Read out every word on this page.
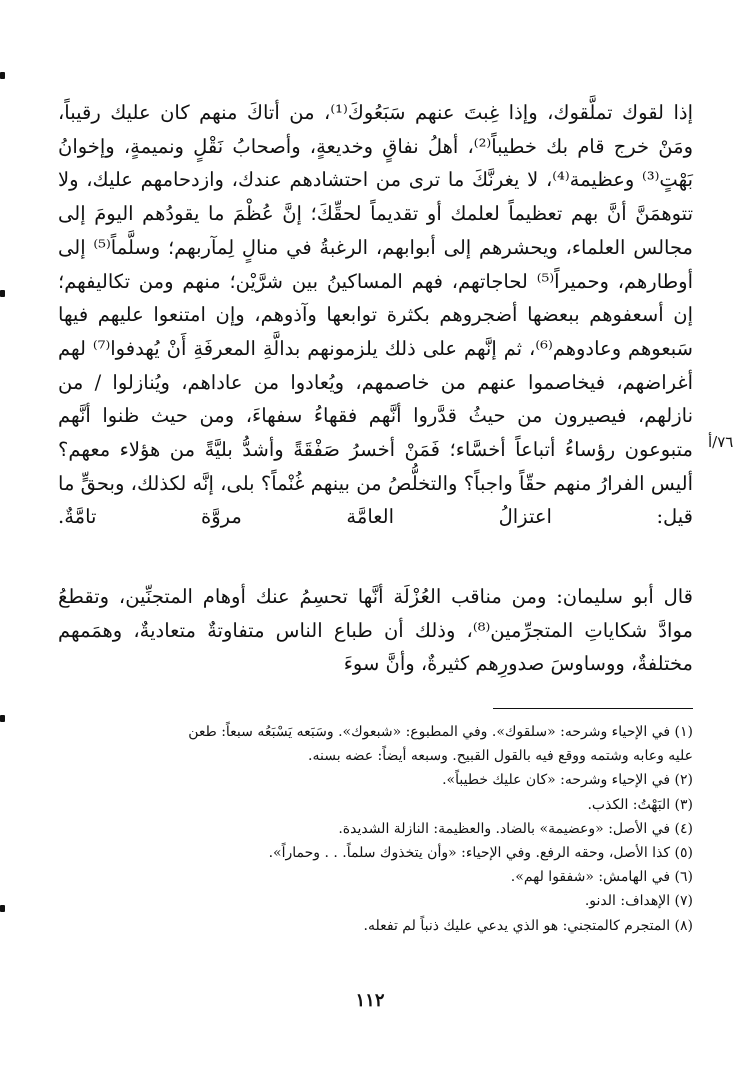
إذا لقوك تملَّقوك، وإذا غِبتَ عنهم سَبَعُوكَ⁽¹⁾، من أتاكَ منهم كان عليك رقيباً، ومَنْ خرج قام بك خطيباً⁽²⁾، أهلُ نفاقٍ وخديعةٍ، وأصحابُ نَقْلٍ ونميمةٍ، وإخوانُ بَهْتٍ⁽³⁾ وعظيمة⁽⁴⁾، لا يغرنَّكَ ما ترى من احتشادهم عندك، وازدحامهم عليك، ولا تتوهمَنَّ أنَّ بهم تعظيماً لعلمك أو تقديماً لحقِّكَ؛ إنَّ عُظْمَ ما يقودُهم اليومَ إلى مجالس العلماء، ويحشرهم إلى أبوابهم، الرغبةُ في منالٍ لِمآربهم؛ وسلَّماً⁽⁵⁾ إلى أوطارهم، وحميراً⁽⁵⁾ لحاجاتهم، فهم المساكينُ بين شرَّيْن؛ منهم ومن تكاليفهم؛ إن أسعفوهم ببعضها أضجروهم بكثرة توابعها وآذوهم، وإن امتنعوا عليهم فيها سَبعوهم وعادوهم⁽⁶⁾، ثم إنَّهم على ذلك يلزمونهم بدالَّةِ المعرفَةِ أَنْ يُهدفوا⁽⁷⁾ لهم أغراضهم، فيخاصموا عنهم من خاصمهم، ويُعادوا من عاداهم، ويُنازلوا / من نازلهم، فيصيرون من حيثُ قدَّروا أنَّهم فقهاءُ سفهاءَ، ومن حيث ظنوا أنَّهم متبوعون رؤساءُ أتباعاً أخسَّاء؛ فَمَنْ أخسرُ صَفْقَةً وأشدُّ بليَّةً من هؤلاء معهم؟ أليس الفرارُ منهم حقّاً واجباً؟ والتخلُّصُ من بينهم غُنْماً؟ بلى، إنَّه لكذلك، وبحقٍّ ما قيل: اعتزالُ العامَّة مروَّة تامَّةٌ.

٧٦/أ

قال أبو سليمان: ومن مناقب العُزْلَة أنَّها تحسِمُ عنك أوهام المتجنِّين، وتقطعُ موادَّ شكاياتِ المتجرِّمين⁽⁸⁾، وذلك أن طباع الناس متفاوتةٌ متعاديةٌ، وهمَمهم مختلفةٌ، ووساوسَ صدورِهم كثيرةٌ، وأنَّ سوءَ

(١) في الإحياء وشرحه: «سلقوك». وفي المطبوع: «شبعوك». وسَبَعه يَسْبَعُه سبعاً: طعن
عليه وعابه وشتمه ووقع فيه بالقول القبيح. وسبعه أيضاً: عضه بسنه.
(٢) في الإحياء وشرحه: «كان عليك خطيباً».
(٣) البَهْتُ: الكذب.
(٤) في الأصل: «وعضيمة» بالضاد. والعظيمة: النازلة الشديدة.
(٥) كذا الأصل، وحقه الرفع. وفي الإحياء: «وأن يتخذوك سلماً. . . وحماراً».
(٦) في الهامش: «شفقوا لهم».
(٧) الإهداف: الدنو.
(٨) المتجرم كالمتجني: هو الذي يدعي عليك ذنباً لم تفعله.
١١٢
